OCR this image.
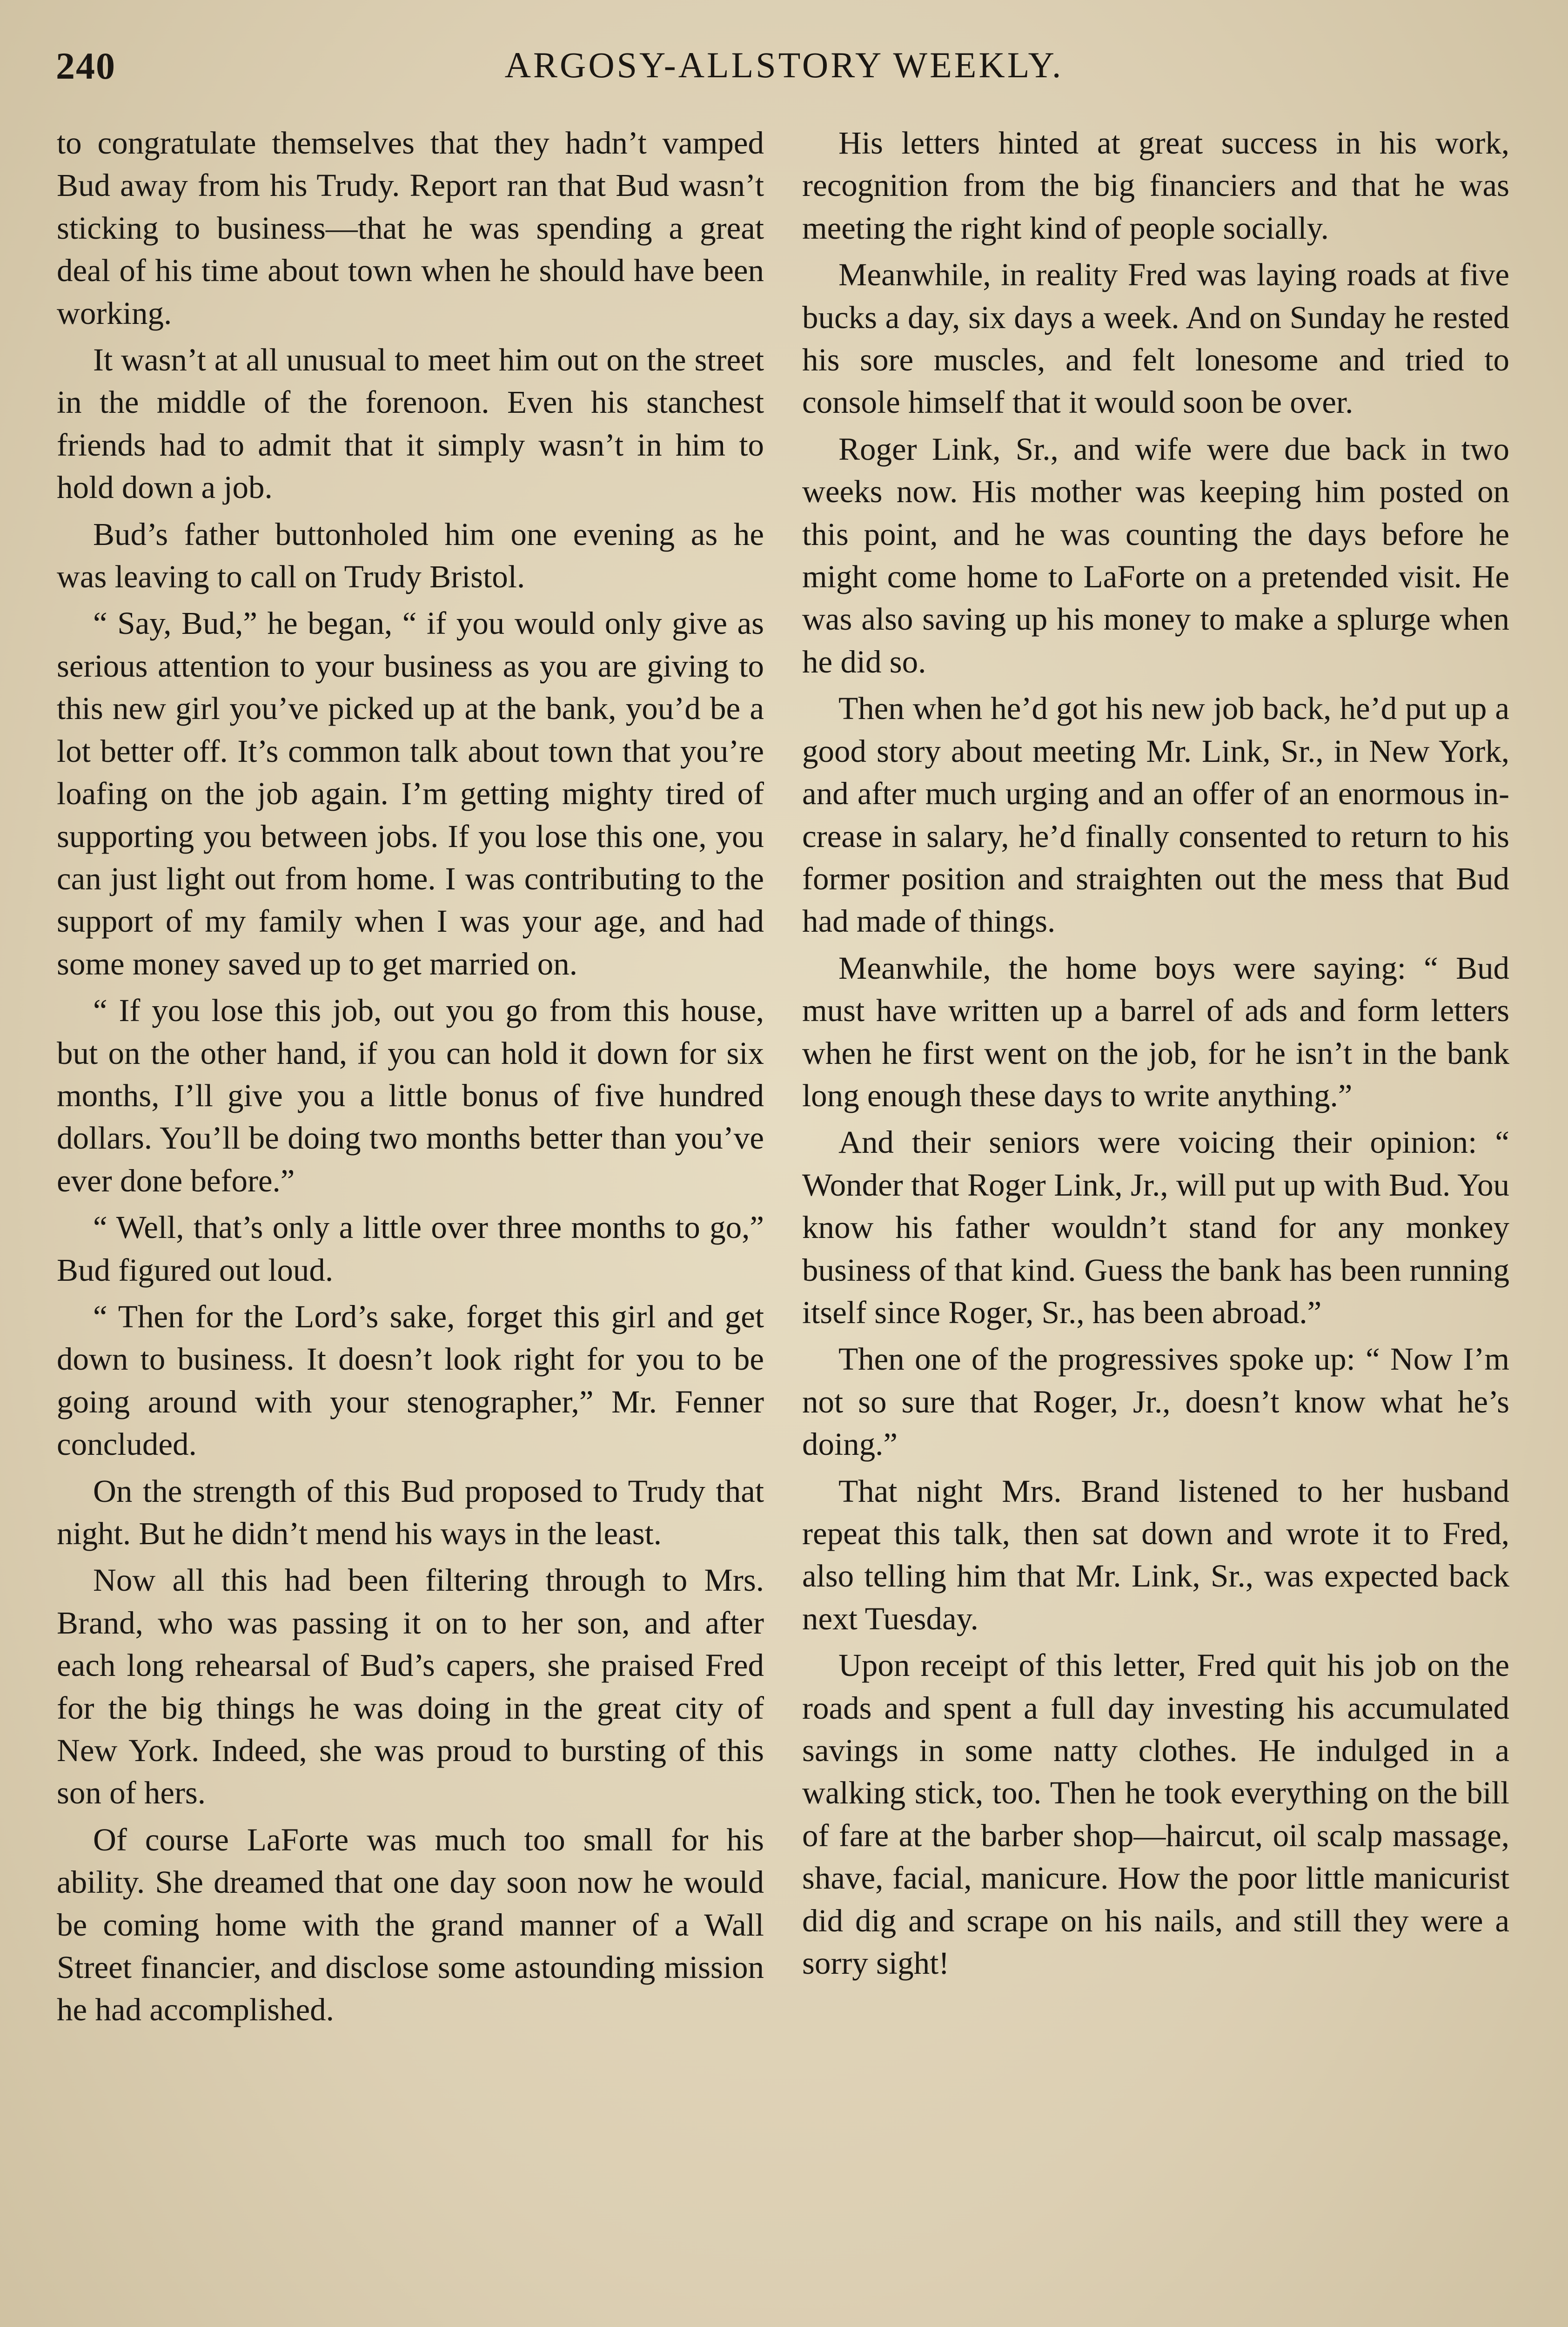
240	ARGOSY-ALLSTORY WEEKLY.

to congratulate themselves that they hadn’t vamped Bud away from his Trudy. Report ran that Bud wasn’t sticking to business—that he was spending a great deal of his time about town when he should have been working.

It wasn’t at all unusual to meet him out on the street in the middle of the forenoon. Even his stanchest friends had to admit that it simply wasn’t in him to hold down a job.

Bud’s father buttonholed him one evening as he was leaving to call on Trudy Bristol.

“ Say, Bud,” he began, “ if you would only give as serious attention to your business as you are giving to this new girl you’ve picked up at the bank, you’d be a lot better off. It’s common talk about town that you’re loafing on the job again. I’m getting mighty tired of supporting you between jobs. If you lose this one, you can just light out from home. I was contributing to the support of my family when I was your age, and had some money saved up to get married on.

“ If you lose this job, out you go from this house, but on the other hand, if you can hold it down for six months, I’ll give you a little bonus of five hundred dollars. You’ll be doing two months better than you’ve ever done before.”

“ Well, that’s only a little over three months to go,” Bud figured out loud.

“ Then for the Lord’s sake, forget this girl and get down to business. It doesn’t look right for you to be going around with your stenographer,” Mr. Fenner concluded.

On the strength of this Bud proposed to Trudy that night. But he didn’t mend his ways in the least.

Now all this had been filtering through to Mrs. Brand, who was passing it on to her son, and after each long rehearsal of Bud’s capers, she praised Fred for the big things he was doing in the great city of New York. Indeed, she was proud to bursting of this son of hers.

Of course LaForte was much too small for his ability. She dreamed that one day soon now he would be coming home with the grand manner of a Wall Street financier, and disclose some astounding mission he had accomplished.

His letters hinted at great success in his work, recognition from the big financiers and that he was meeting the right kind of people socially.

Meanwhile, in reality Fred was laying roads at five bucks a day, six days a week. And on Sunday he rested his sore muscles, and felt lonesome and tried to console himself that it would soon be over.

Roger Link, Sr., and wife were due back in two weeks now. His mother was keeping him posted on this point, and he was counting the days before he might come home to LaForte on a pretended visit. He was also saving up his money to make a splurge when he did so.

Then when he’d got his new job back, he’d put up a good story about meeting Mr. Link, Sr., in New York, and after much urging and an offer of an enormous increase in salary, he’d finally consented to return to his former position and straighten out the mess that Bud had made of things.

Meanwhile, the home boys were saying: “ Bud must have written up a barrel of ads and form letters when he first went on the job, for he isn’t in the bank long enough these days to write anything.”

And their seniors were voicing their opinion: “ Wonder that Roger Link, Jr., will put up with Bud. You know his father wouldn’t stand for any monkey business of that kind. Guess the bank has been running itself since Roger, Sr., has been abroad.”

Then one of the progressives spoke up: “ Now I’m not so sure that Roger, Jr., doesn’t know what he’s doing.”

That night Mrs. Brand listened to her husband repeat this talk, then sat down and wrote it to Fred, also telling him that Mr. Link, Sr., was expected back next Tuesday.

Upon receipt of this letter, Fred quit his job on the roads and spent a full day investing his accumulated savings in some natty clothes. He indulged in a walking stick, too. Then he took everything on the bill of fare at the barber shop—haircut, oil scalp massage, shave, facial, manicure. How the poor little manicurist did dig and scrape on his nails, and still they were a sorry sight!
